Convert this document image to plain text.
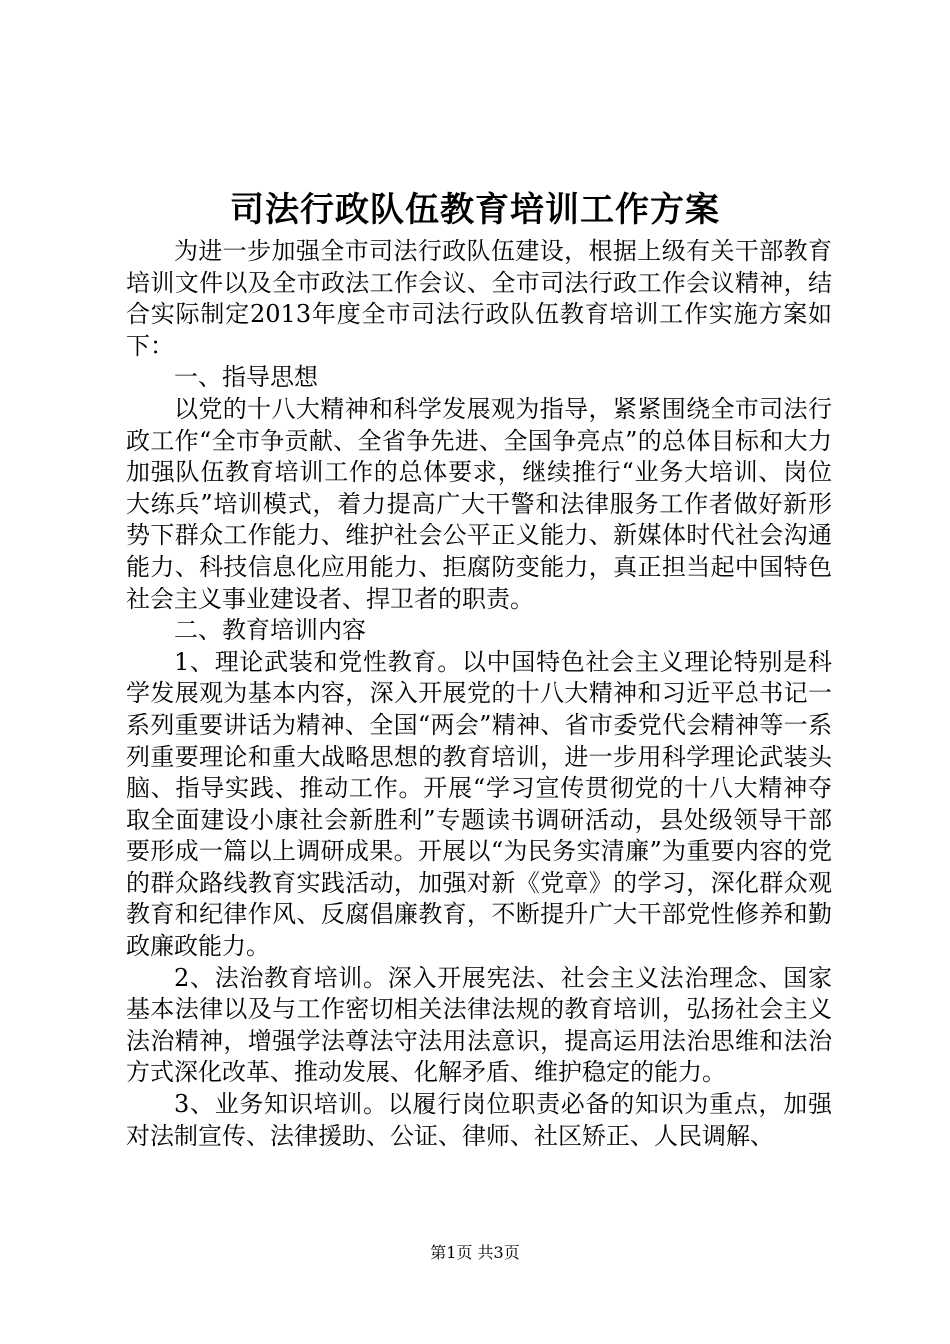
司法行政队伍教育培训工作方案

为进一步加强全市司法行政队伍建设，根据上级有关干部教育培训文件以及全市政法工作会议、全市司法行政工作会议精神，结合实际制定2013年度全市司法行政队伍教育培训工作实施方案如下：

一、指导思想

以党的十八大精神和科学发展观为指导，紧紧围绕全市司法行政工作“全市争贡献、全省争先进、全国争亮点”的总体目标和大力加强队伍教育培训工作的总体要求，继续推行“业务大培训、岗位大练兵”培训模式，着力提高广大干警和法律服务工作者做好新形势下群众工作能力、维护社会公平正义能力、新媒体时代社会沟通能力、科技信息化应用能力、拒腐防变能力，真正担当起中国特色社会主义事业建设者、捍卫者的职责。

二、教育培训内容

1、理论武装和党性教育。以中国特色社会主义理论特别是科学发展观为基本内容，深入开展党的十八大精神和习近平总书记一系列重要讲话为精神、全国“两会”精神、省市委党代会精神等一系列重要理论和重大战略思想的教育培训，进一步用科学理论武装头脑、指导实践、推动工作。开展“学习宣传贯彻党的十八大精神夺取全面建设小康社会新胜利”专题读书调研活动，县处级领导干部要形成一篇以上调研成果。开展以“为民务实清廉”为重要内容的党的群众路线教育实践活动，加强对新《党章》的学习，深化群众观教育和纪律作风、反腐倡廉教育，不断提升广大干部党性修养和勤政廉政能力。

2、法治教育培训。深入开展宪法、社会主义法治理念、国家基本法律以及与工作密切相关法律法规的教育培训，弘扬社会主义法治精神，增强学法尊法守法用法意识，提高运用法治思维和法治方式深化改革、推动发展、化解矛盾、维护稳定的能力。

3、业务知识培训。以履行岗位职责必备的知识为重点，加强对法制宣传、法律援助、公证、律师、社区矫正、人民调解、

第1页 共3页
